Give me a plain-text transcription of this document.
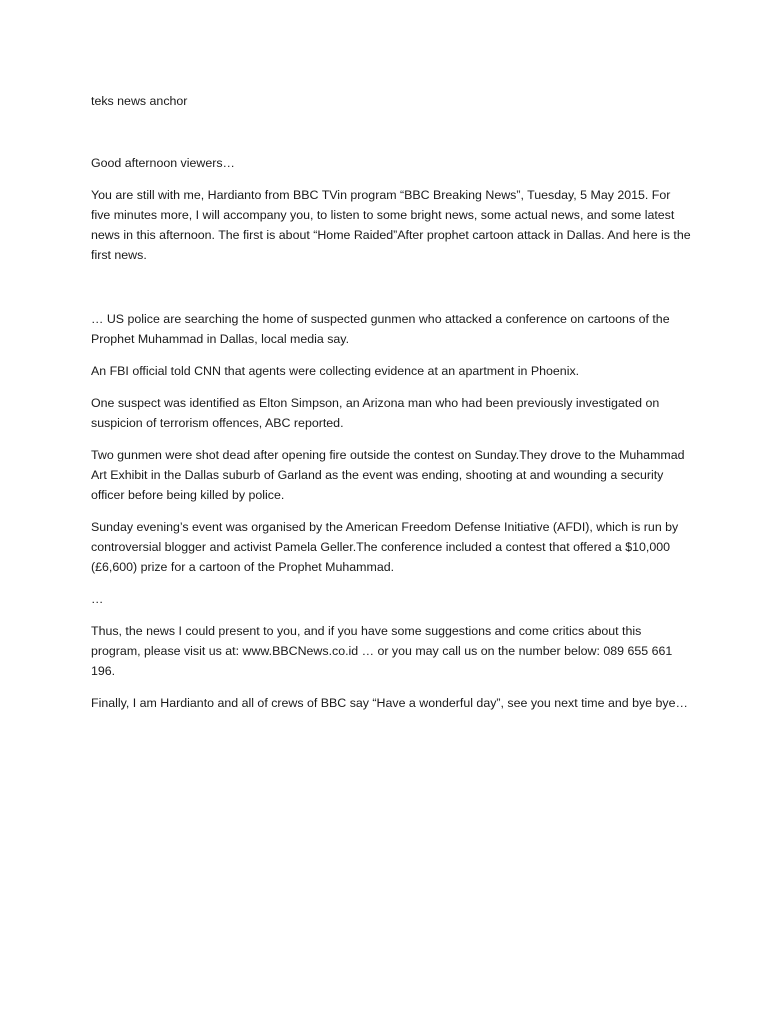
teks news anchor

Good afternoon viewers…

You are still with me, Hardianto from BBC TVin program “BBC Breaking News”, Tuesday, 5 May 2015. For five minutes more, I will accompany you, to listen to some bright news, some actual news, and some latest news in this afternoon. The first is about “Home Raided”After prophet cartoon attack in Dallas. And here is the first news.

… US police are searching the home of suspected gunmen who attacked a conference on cartoons of the Prophet Muhammad in Dallas, local media say.

An FBI official told CNN that agents were collecting evidence at an apartment in Phoenix.

One suspect was identified as Elton Simpson, an Arizona man who had been previously investigated on suspicion of terrorism offences, ABC reported.

Two gunmen were shot dead after opening fire outside the contest on Sunday.They drove to the Muhammad Art Exhibit in the Dallas suburb of Garland as the event was ending, shooting at and wounding a security officer before being killed by police.

Sunday evening’s event was organised by the American Freedom Defense Initiative (AFDI), which is run by controversial blogger and activist Pamela Geller.The conference included a contest that offered a $10,000 (£6,600) prize for a cartoon of the Prophet Muhammad.

…

Thus, the news I could present to you, and if you have some suggestions and come critics about this program, please visit us at: www.BBCNews.co.id … or you may call us on the number below: 089 655 661 196.

Finally, I am Hardianto and all of crews of BBC say “Have a wonderful day”, see you next time and bye bye…
